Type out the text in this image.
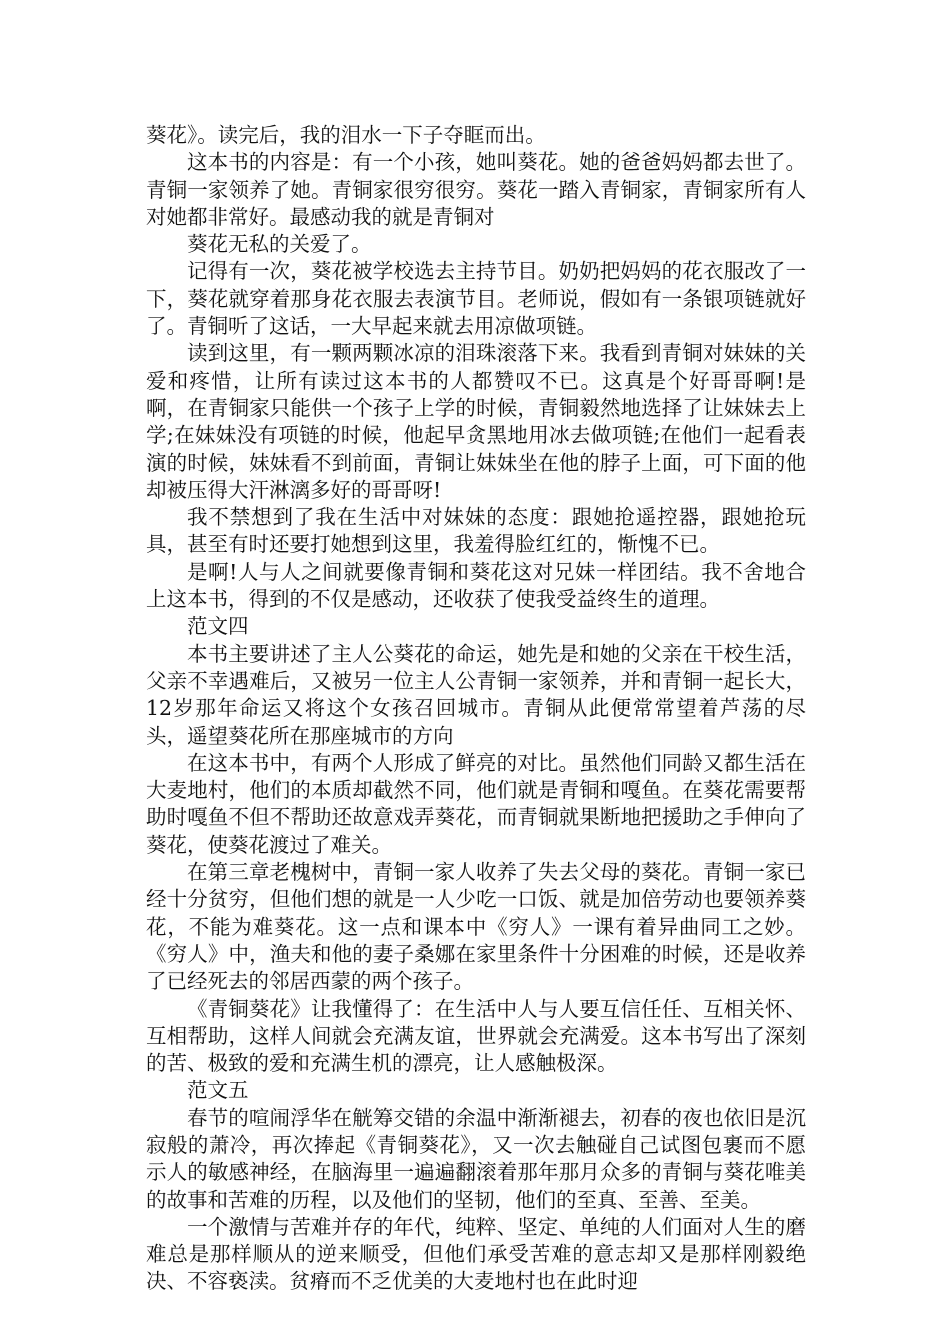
葵花》。读完后，我的泪水一下子夺眶而出。

这本书的内容是：有一个小孩，她叫葵花。她的爸爸妈妈都去世了。青铜一家领养了她。青铜家很穷很穷。葵花一踏入青铜家，青铜家所有人对她都非常好。最感动我的就是青铜对

葵花无私的关爱了。

记得有一次，葵花被学校选去主持节目。奶奶把妈妈的花衣服改了一下，葵花就穿着那身花衣服去表演节目。老师说，假如有一条银项链就好了。青铜听了这话，一大早起来就去用凉做项链。

读到这里，有一颗两颗冰凉的泪珠滚落下来。我看到青铜对妹妹的关爱和疼惜，让所有读过这本书的人都赞叹不已。这真是个好哥哥啊!是啊，在青铜家只能供一个孩子上学的时候，青铜毅然地选择了让妹妹去上学;在妹妹没有项链的时候，他起早贪黑地用冰去做项链;在他们一起看表演的时候，妹妹看不到前面，青铜让妹妹坐在他的脖子上面，可下面的他却被压得大汗淋漓多好的哥哥呀!

我不禁想到了我在生活中对妹妹的态度：跟她抢遥控器，跟她抢玩具，甚至有时还要打她想到这里，我羞得脸红红的，惭愧不已。

是啊!人与人之间就要像青铜和葵花这对兄妹一样团结。我不舍地合上这本书，得到的不仅是感动，还收获了使我受益终生的道理。

范文四

本书主要讲述了主人公葵花的命运，她先是和她的父亲在干校生活，父亲不幸遇难后，又被另一位主人公青铜一家领养，并和青铜一起长大，12岁那年命运又将这个女孩召回城市。青铜从此便常常望着芦荡的尽头，遥望葵花所在那座城市的方向

在这本书中，有两个人形成了鲜亮的对比。虽然他们同龄又都生活在大麦地村，他们的本质却截然不同，他们就是青铜和嘎鱼。在葵花需要帮助时嘎鱼不但不帮助还故意戏弄葵花，而青铜就果断地把援助之手伸向了葵花，使葵花渡过了难关。

在第三章老槐树中，青铜一家人收养了失去父母的葵花。青铜一家已经十分贫穷，但他们想的就是一人少吃一口饭、就是加倍劳动也要领养葵花，不能为难葵花。这一点和课本中《穷人》一课有着异曲同工之妙。《穷人》中，渔夫和他的妻子桑娜在家里条件十分困难的时候，还是收养了已经死去的邻居西蒙的两个孩子。

《青铜葵花》让我懂得了：在生活中人与人要互信任任、互相关怀、互相帮助，这样人间就会充满友谊，世界就会充满爱。这本书写出了深刻的苦、极致的爱和充满生机的漂亮，让人感触极深。

范文五

春节的喧闹浮华在觥筹交错的余温中渐渐褪去，初春的夜也依旧是沉寂般的萧冷，再次捧起《青铜葵花》，又一次去触碰自己试图包裹而不愿示人的敏感神经，在脑海里一遍遍翻滚着那年那月众多的青铜与葵花唯美的故事和苦难的历程，以及他们的坚韧，他们的至真、至善、至美。

一个激情与苦难并存的年代，纯粹、坚定、单纯的人们面对人生的磨难总是那样顺从的逆来顺受，但他们承受苦难的意志却又是那样刚毅绝决、不容亵渎。贫瘠而不乏优美的大麦地村也在此时迎
